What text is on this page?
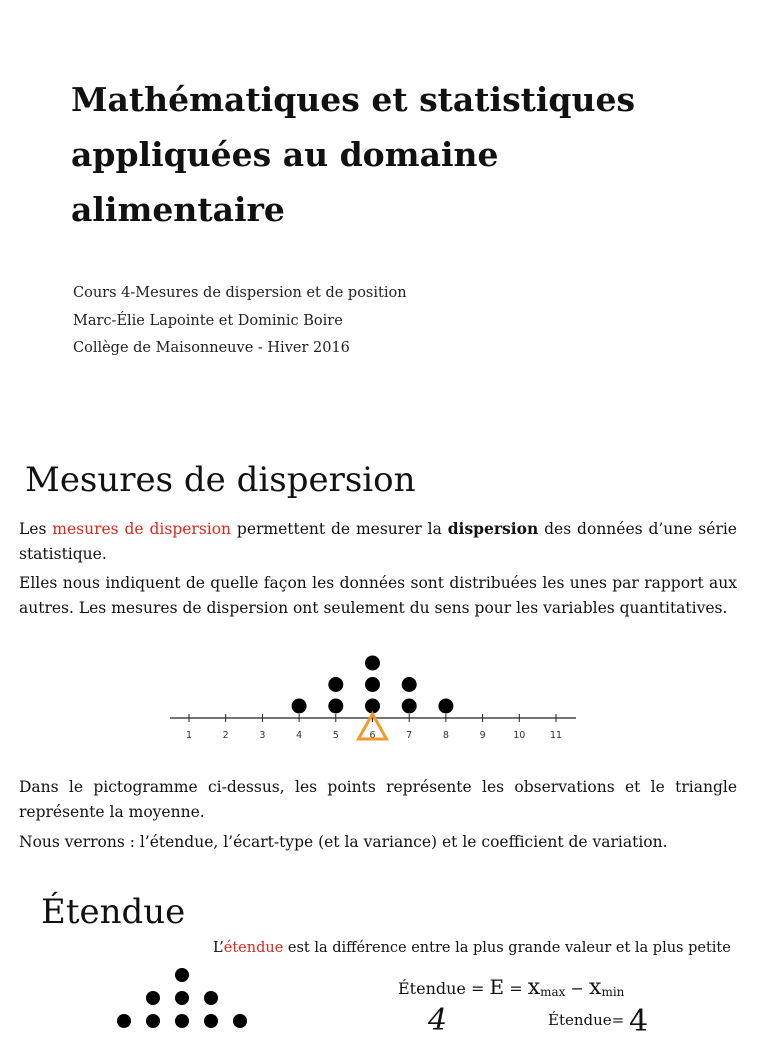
Mathématiques et statistiques appliquées au domaine alimentaire
Cours 4-Mesures de dispersion et de position
Marc-Élie Lapointe et Dominic Boire
Collège de Maisonneuve - Hiver 2016
Mesures de dispersion
Les mesures de dispersion permettent de mesurer la dispersion des données d’une série statistique.
Elles nous indiquent de quelle façon les données sont distribuées les unes par rapport aux autres. Les mesures de dispersion ont seulement du sens pour les variables quantitatives.
1	2	3	4	5	6	7	8	9	10	11
Dans le pictogramme ci-dessus, les points représente les observations et le triangle représente la moyenne.
Nous verrons : l’étendue, l’écart-type (et la variance) et le coefficient de variation.
Étendue
L’étendue est la différence entre la plus grande valeur et la plus petite
Étendue = $E = x_{max} - x_{min}$
Étendue= 4
4
